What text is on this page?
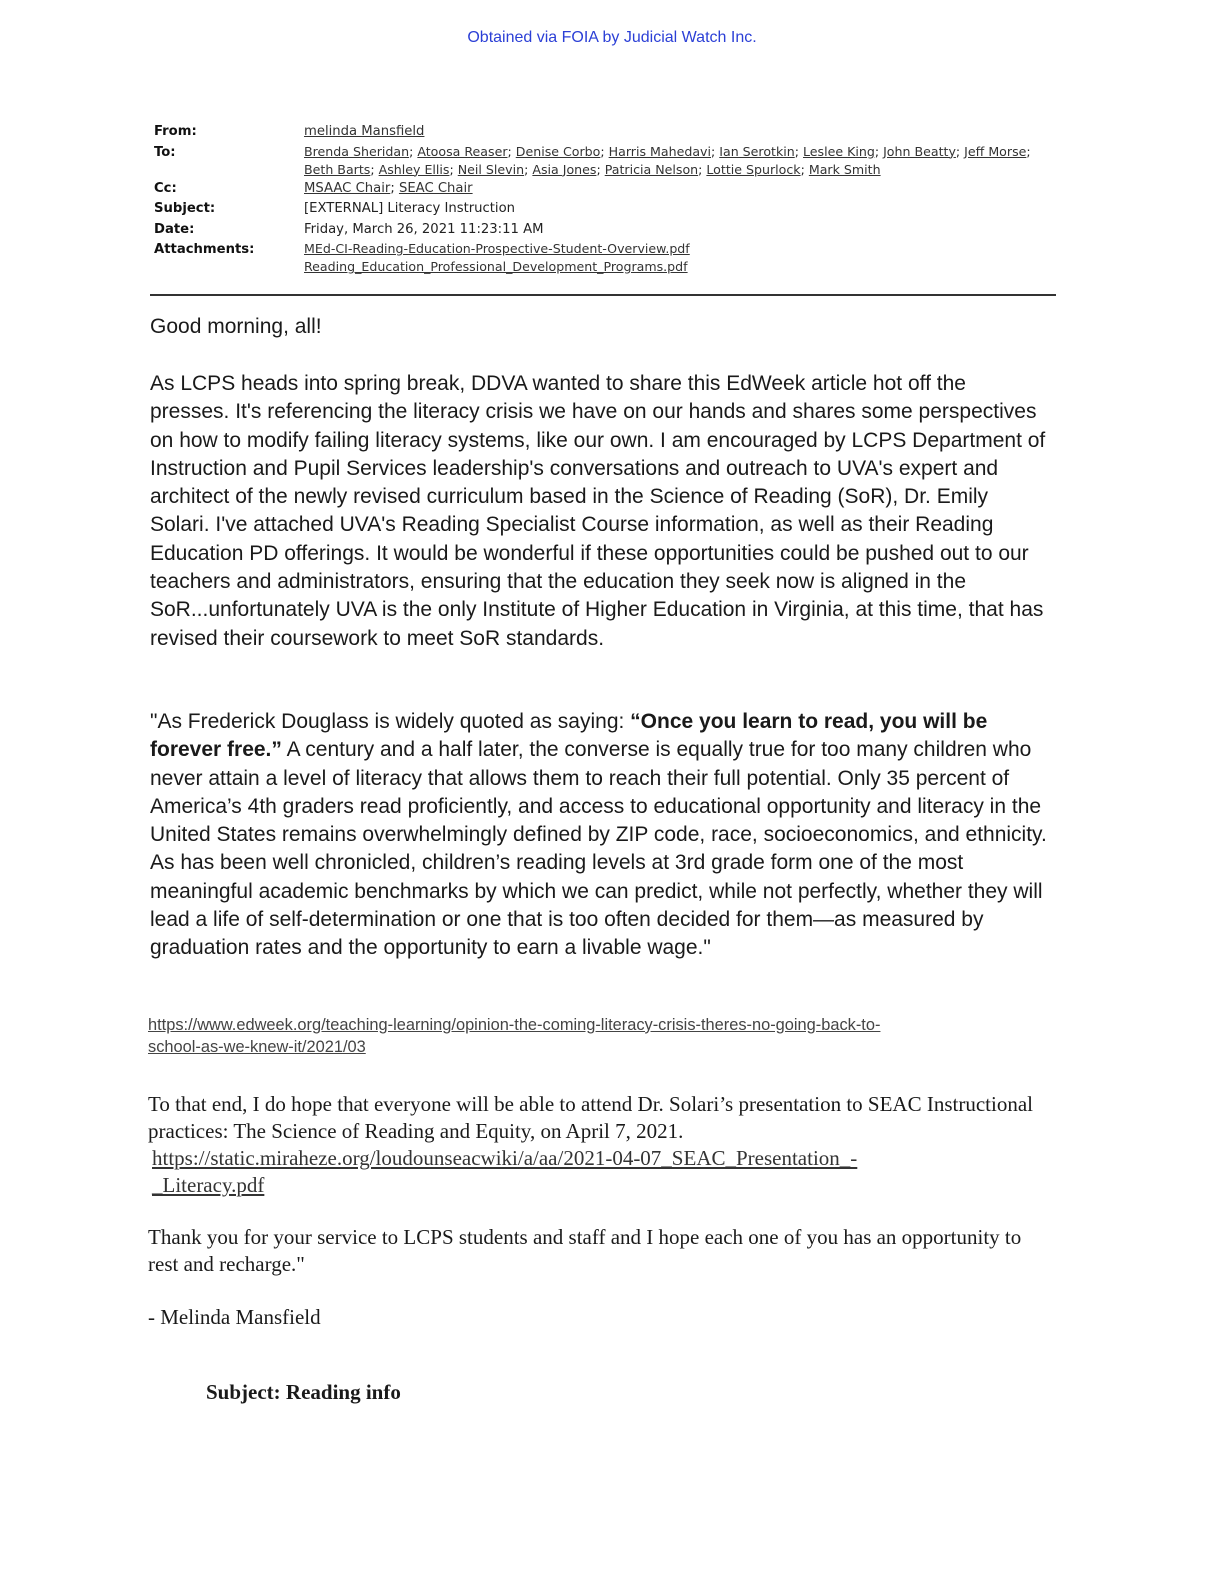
Obtained via FOIA by Judicial Watch Inc.
From:	melinda Mansfield
To:	Brenda Sheridan; Atoosa Reaser; Denise Corbo; Harris Mahedavi; Ian Serotkin; Leslee King; John Beatty; Jeff Morse; Beth Barts; Ashley Ellis; Neil Slevin; Asia Jones; Patricia Nelson; Lottie Spurlock; Mark Smith
Cc:	MSAAC Chair; SEAC Chair
Subject:	[EXTERNAL] Literacy Instruction
Date:	Friday, March 26, 2021 11:23:11 AM
Attachments:	MEd-CI-Reading-Education-Prospective-Student-Overview.pdf
Reading_Education_Professional_Development_Programs.pdf
Good morning, all!
As LCPS heads into spring break, DDVA wanted to share this EdWeek article hot off the presses. It's referencing the literacy crisis we have on our hands and shares some perspectives on how to modify failing literacy systems, like our own. I am encouraged by LCPS Department of Instruction and Pupil Services leadership's conversations and outreach to UVA's expert and architect of the newly revised curriculum based in the Science of Reading (SoR), Dr. Emily Solari. I've attached UVA's Reading Specialist Course information, as well as their Reading Education PD offerings. It would be wonderful if these opportunities could be pushed out to our teachers and administrators, ensuring that the education they seek now is aligned in the SoR...unfortunately UVA is the only Institute of Higher Education in Virginia, at this time, that has revised their coursework to meet SoR standards.
"As Frederick Douglass is widely quoted as saying: “Once you learn to read, you will be forever free.” A century and a half later, the converse is equally true for too many children who never attain a level of literacy that allows them to reach their full potential. Only 35 percent of America’s 4th graders read proficiently, and access to educational opportunity and literacy in the United States remains overwhelmingly defined by ZIP code, race, socioeconomics, and ethnicity. As has been well chronicled, children’s reading levels at 3rd grade form one of the most meaningful academic benchmarks by which we can predict, while not perfectly, whether they will lead a life of self-determination or one that is too often decided for them—as measured by graduation rates and the opportunity to earn a livable wage."
https://www.edweek.org/teaching-learning/opinion-the-coming-literacy-crisis-theres-no-going-back-to-
school-as-we-knew-it/2021/03
To that end, I do hope that everyone will be able to attend Dr. Solari’s presentation to SEAC Instructional practices: The Science of Reading and Equity, on April 7, 2021.
https://static.miraheze.org/loudounseacwiki/a/aa/2021-04-07_SEAC_Presentation_-
_Literacy.pdf
Thank you for your service to LCPS students and staff and I hope each one of you has an opportunity to rest and recharge."
- Melinda Mansfield
Subject: Reading info
